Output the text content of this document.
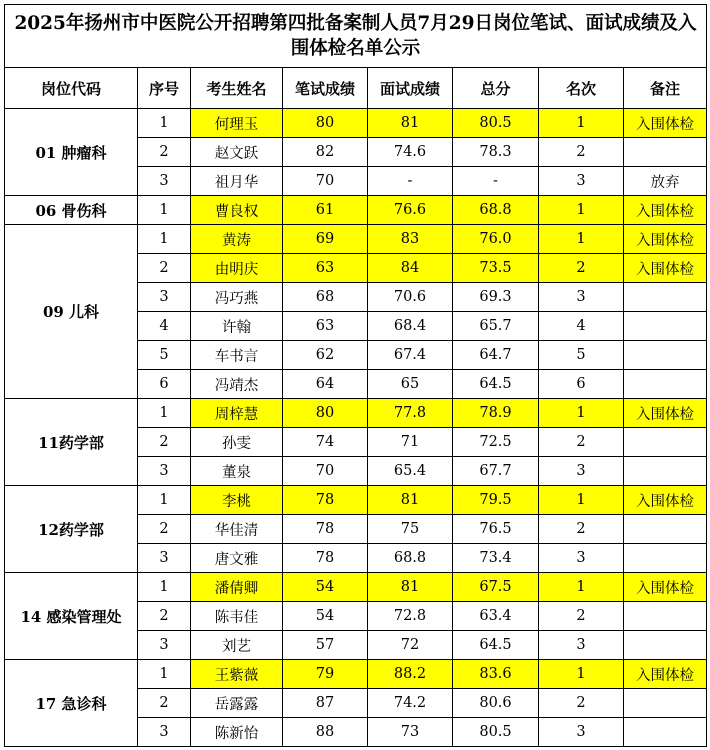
2025年扬州市中医院公开招聘第四批备案制人员7月29日岗位笔试、面试成绩及入围体检名单公示							
岗位代码	序号	考生姓名	笔试成绩	面试成绩	总分	名次	备注
01 肿瘤科	1	何理玉	80	81	80.5	1	入围体检
	2	赵文跃	82	74.6	78.3	2	
	3	祖月华	70	-	-	3	放弃
06 骨伤科	1	曹良权	61	76.6	68.8	1	入围体检
09 儿科	1	黄涛	69	83	76.0	1	入围体检
	2	由明庆	63	84	73.5	2	入围体检
	3	冯巧燕	68	70.6	69.3	3	
	4	许翰	63	68.4	65.7	4	
	5	车书言	62	67.4	64.7	5	
	6	冯靖杰	64	65	64.5	6	
11药学部	1	周梓慧	80	77.8	78.9	1	入围体检
	2	孙雯	74	71	72.5	2	
	3	董泉	70	65.4	67.7	3	
12药学部	1	李桃	78	81	79.5	1	入围体检
	2	华佳清	78	75	76.5	2	
	3	唐文雅	78	68.8	73.4	3	
14 感染管理处	1	潘倩卿	54	81	67.5	1	入围体检
	2	陈韦佳	54	72.8	63.4	2	
	3	刘艺	57	72	64.5	3	
17 急诊科	1	王紫薇	79	88.2	83.6	1	入围体检
	2	岳露露	87	74.2	80.6	2	
	3	陈新怡	88	73	80.5	3	
